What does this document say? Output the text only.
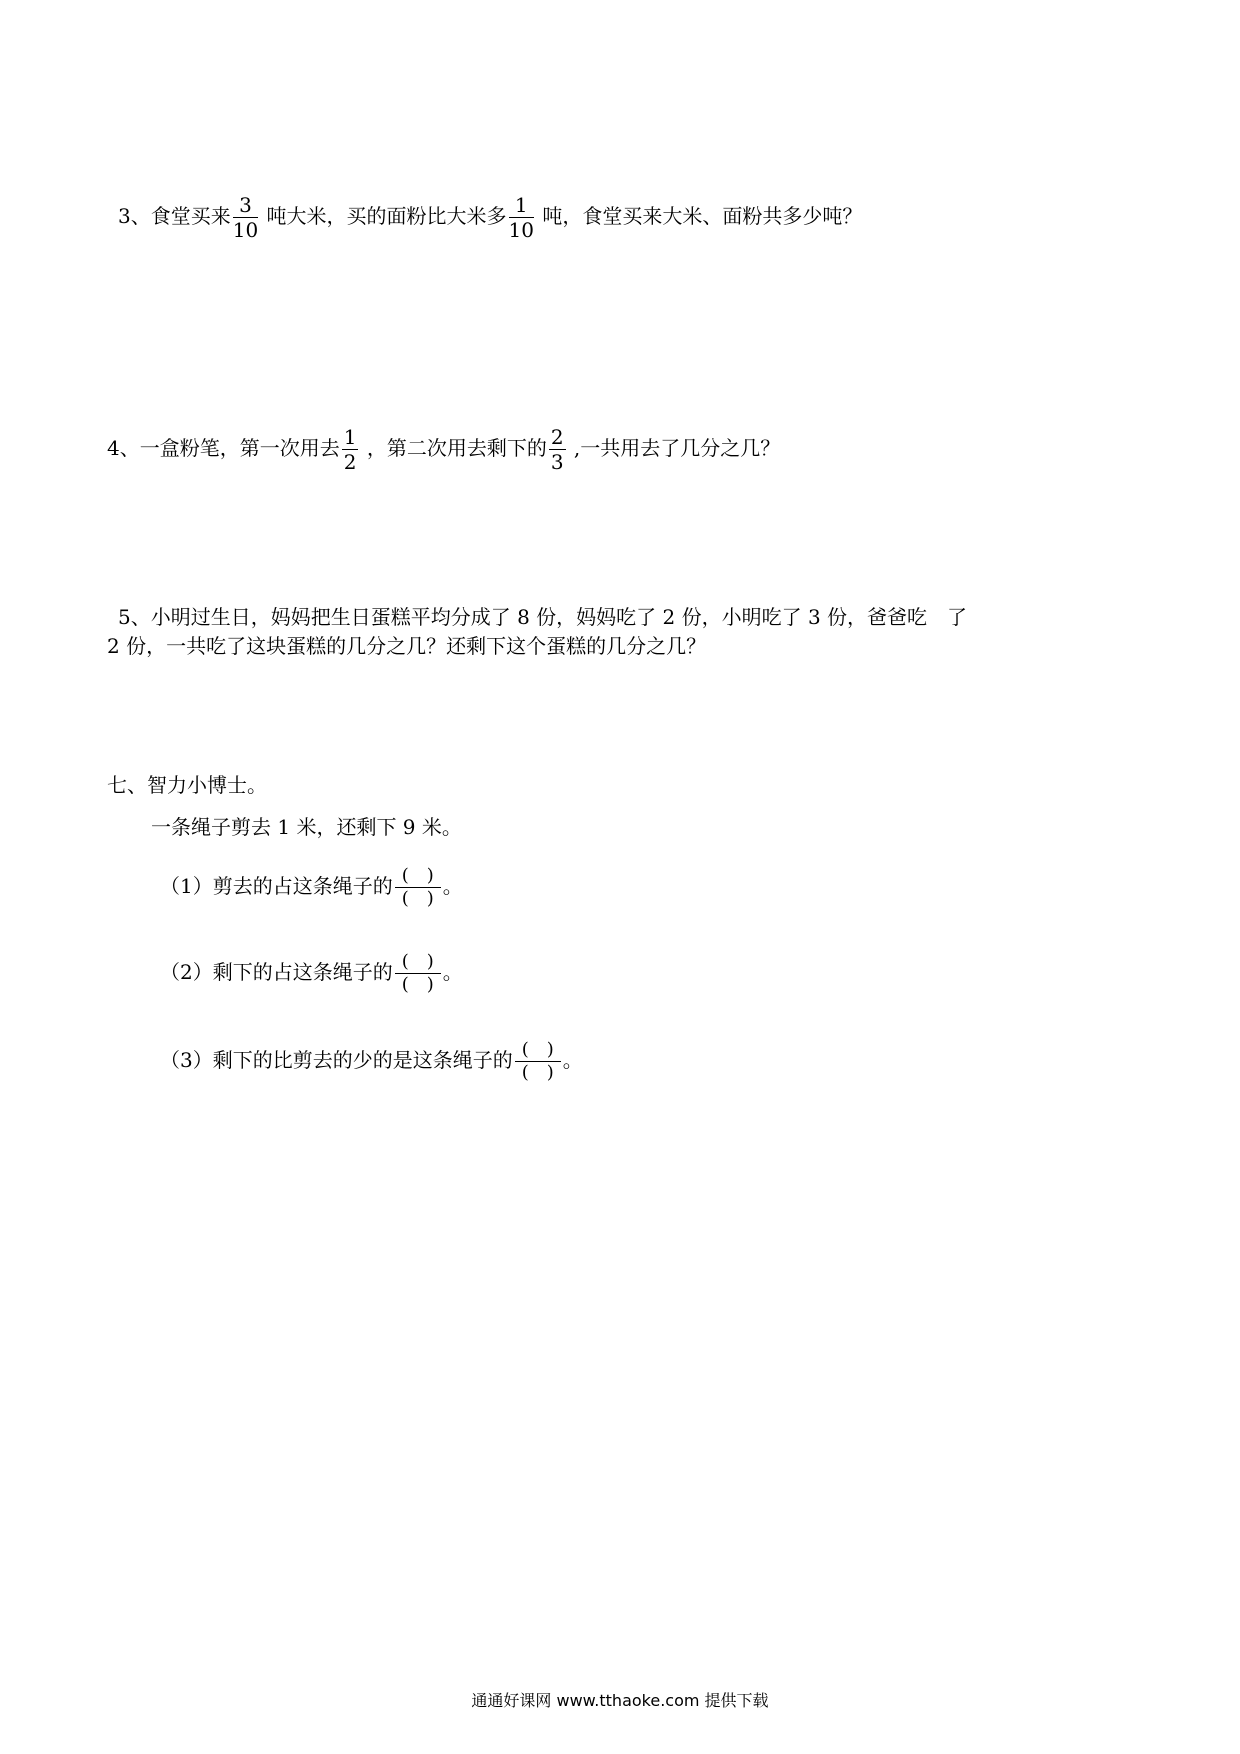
3、食堂买来 $\frac{3}{10}$ 吨大米，买的面粉比大米多 $\frac{1}{10}$ 吨，食堂买来大米、面粉共多少吨？
4、一盒粉笔，第一次用去 $\frac{1}{2}$ ，第二次用去剩下的 $\frac{2}{3}$ ,一共用去了几分之几？
5、小明过生日，妈妈把生日蛋糕平均分成了 8 份，妈妈吃了 2 份，小明吃了 3 份，爸爸吃　了
2 份，一共吃了这块蛋糕的几分之几？还剩下这个蛋糕的几分之几？
七、智力小博士。
一条绳子剪去 1 米，还剩下 9 米。
（1）剪去的占这条绳子的 $\frac{( )}{( )}$ 。
（2）剩下的占这条绳子的 $\frac{( )}{( )}$ 。
（3）剩下的比剪去的少的是这条绳子的 $\frac{( )}{( )}$ 。
通通好课网 www.tthaoke.com 提供下载
